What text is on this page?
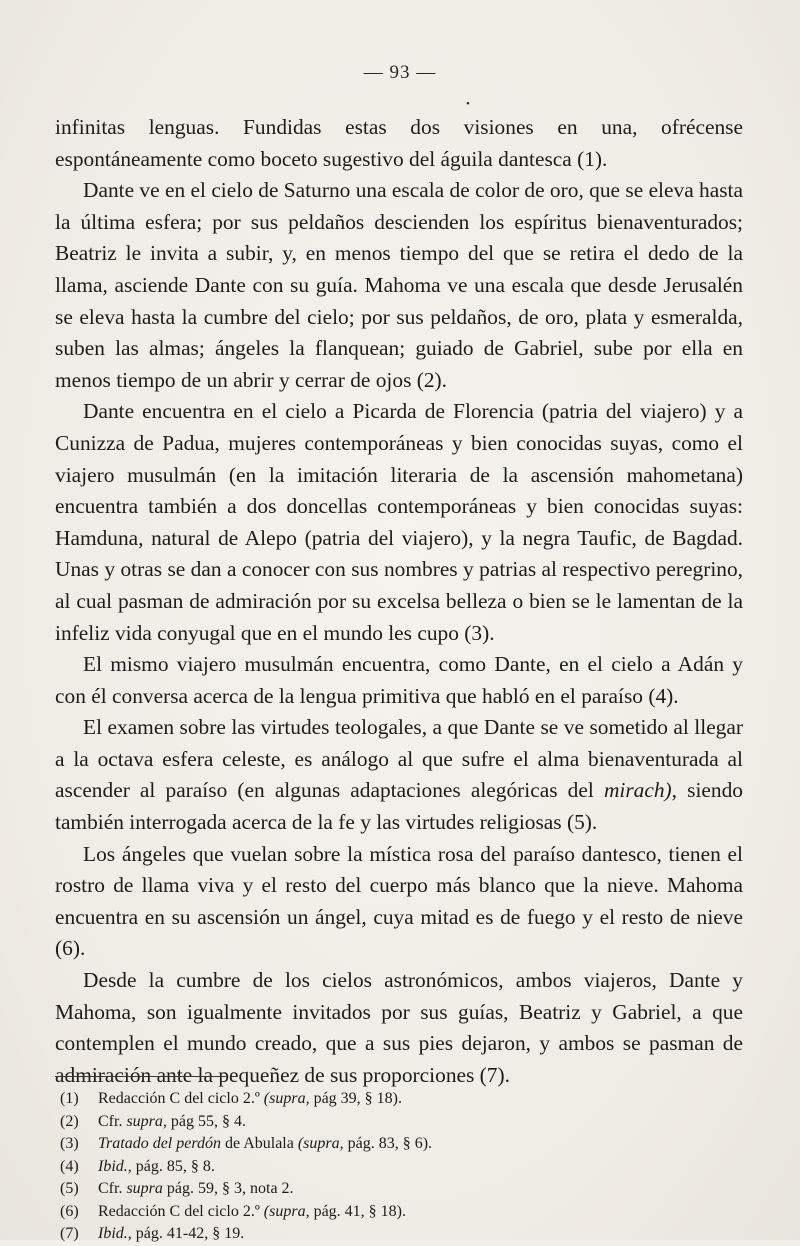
— 93 —
•

infinitas lenguas. Fundidas estas dos visiones en una, ofrécense espontáneamente como boceto sugestivo del águila dantesca (1).

Dante ve en el cielo de Saturno una escala de color de oro, que se eleva hasta la última esfera; por sus peldaños descienden los espíritus bienaventurados; Beatriz le invita a subir, y, en menos tiempo del que se retira el dedo de la llama, asciende Dante con su guía. Mahoma ve una escala que desde Jerusalén se eleva hasta la cumbre del cielo; por sus peldaños, de oro, plata y esmeralda, suben las almas; ángeles la flanquean; guiado de Gabriel, sube por ella en menos tiempo de un abrir y cerrar de ojos (2).

Dante encuentra en el cielo a Picarda de Florencia (patria del viajero) y a Cunizza de Padua, mujeres contemporáneas y bien conocidas suyas, como el viajero musulmán (en la imitación literaria de la ascensión mahometana) encuentra también a dos doncellas contemporáneas y bien conocidas suyas: Hamduna, natural de Alepo (patria del viajero), y la negra Taufic, de Bagdad. Unas y otras se dan a conocer con sus nombres y patrias al respectivo peregrino, al cual pasman de admiración por su excelsa belleza o bien se le lamentan de la infeliz vida conyugal que en el mundo les cupo (3).

El mismo viajero musulmán encuentra, como Dante, en el cielo a Adán y con él conversa acerca de la lengua primitiva que habló en el paraíso (4).

El examen sobre las virtudes teologales, a que Dante se ve sometido al llegar a la octava esfera celeste, es análogo al que sufre el alma bienaventurada al ascender al paraíso (en algunas adaptaciones alegóricas del mirach), siendo también interrogada acerca de la fe y las virtudes religiosas (5).

Los ángeles que vuelan sobre la mística rosa del paraíso dantesco, tienen el rostro de llama viva y el resto del cuerpo más blanco que la nieve. Mahoma encuentra en su ascensión un ángel, cuya mitad es de fuego y el resto de nieve (6).

Desde la cumbre de los cielos astronómicos, ambos viajeros, Dante y Mahoma, son igualmente invitados por sus guías, Beatriz y Gabriel, a que contemplen el mundo creado, que a sus pies dejaron, y ambos se pasman de admiración ante la pequeñez de sus proporciones (7).

(1)	Redacción C del ciclo 2.º (supra, pág 39, § 18).
(2)	Cfr. supra, pág 55, § 4.
(3)	Tratado del perdón de Abulala (supra, pág. 83, § 6).
(4)	Ibid., pág. 85, § 8.
(5)	Cfr. supra pág. 59, § 3, nota 2.
(6)	Redacción C del ciclo 2.º (supra, pág. 41, § 18).
(7)	Ibid., pág. 41-42, § 19.
